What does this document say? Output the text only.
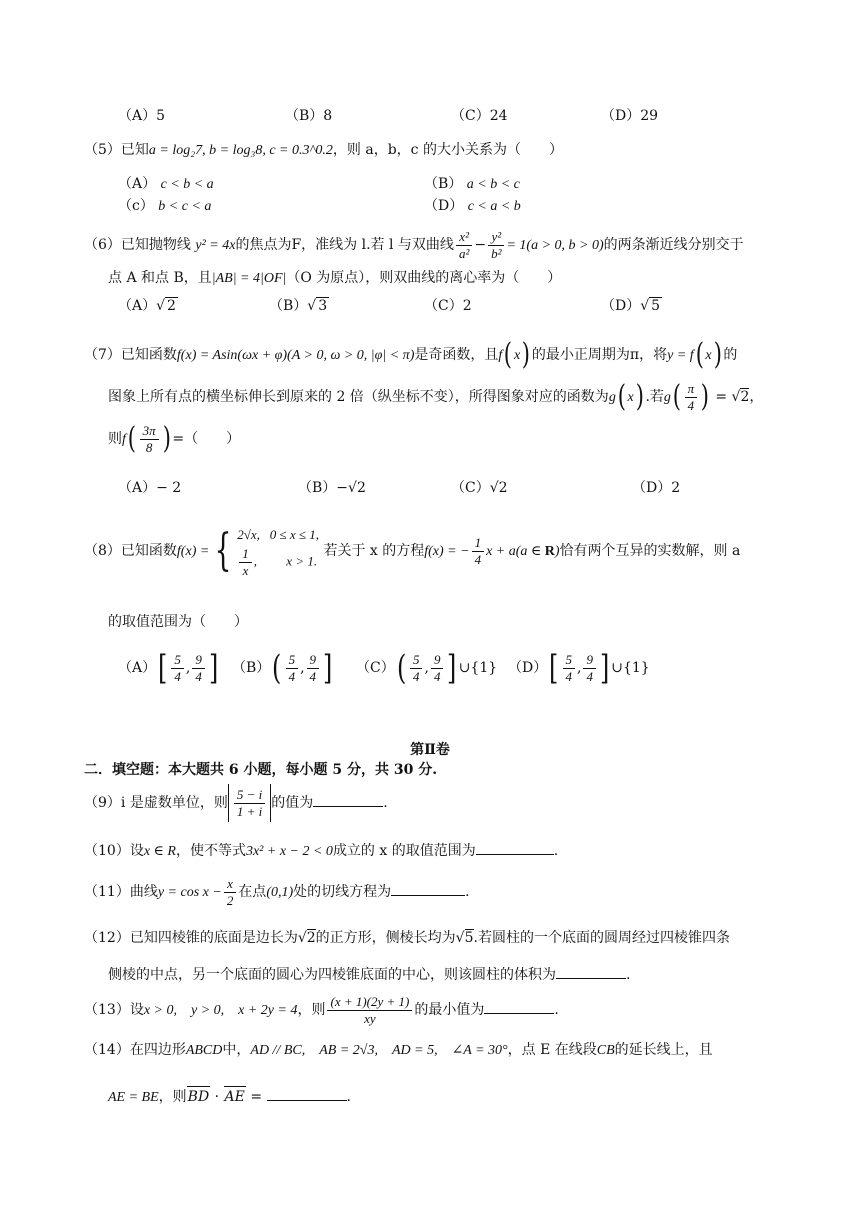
（A）5	（B）8	（C）24	（D）29
（5）已知a = log₂7, b = log₃8, c = 0.3^0.2，则 a，b，c 的大小关系为（　　）
（A） c < b < a	（B） a < b < c
（c） b < c < a	（D） c < a < b
（6）已知抛物线 y² = 4x的焦点为F，准线为 l.若 l 与双曲线 $\frac{\text{x²}}{\text{a²}} - \frac{\text{y²}}{\text{b²}} = 1(a > 0$, b > 0)的两条渐近线分别交于
点 A 和点 B，且|AB| = 4|OF|（O 为原点），则双曲线的离心率为（　　）
（A）√ 2	（B）√ 3	（C）2	（D）√ 5
（7）已知函数f(x) = Asin(ωx + φ)(A > 0, ω > 0, |φ| < π)是奇函数，且f( x) 的最小正周期为π，将y = f( x) 的
图象上所有点的横坐标伸长到原来的 2 倍（纵坐标不变），所得图象对应的函数为g( x) .若$g( \frac{\pi}{4}$ ) = √2，
则$f( \frac{3\pi}{8}$ ) =（　　）
（A）− 2	（B）−√2	（C）√2	（D）2
（8）已知函数f(x) = { 2√x, 0 ≤ x ≤ 1,
$\frac{1}{x}$ ,         x > 1.
若关于 x 的方程f(x) = − $\frac{1}{4}$ x + a(a ∈ R)恰有两个互异的实数解，则 a
的取值范围为（　　）
$(A)[ \frac{5}{4}$ , $\frac{9}{4}$ ] $(B)( \frac{5}{4}$ , $\frac{9}{4}$ ] $(C)( \frac{5}{4}$ , $\frac{9}{4}$ ] ∪{1} $(D)[ \frac{5}{4}$ , $\frac{9}{4}$ ] ∪{1}
第Ⅱ卷
二．填空题：本大题共 6 小题，每小题 5 分，共 30 分.
（9）i 是虚数单位，则 $\frac{5 - i}{1 + i}$ 的值为	.
（10）设x ∈ R，使不等式3x² + x − 2 < 0成立的 x 的取值范围为	.
（11）曲线$y = \cos x - \frac{x}{2}$ 在点(0,1)处的切线方程为	.
（12）已知四棱锥的底面是边长为√2的正方形，侧棱长均为√5.若圆柱的一个底面的圆周经过四棱锥四条
侧棱的中点，另一个底面的圆心为四棱锥底面的中心，则该圆柱的体积为	.
（13）设x > 0,　y > 0,　x + 2y = 4，则 $\frac{(x + 1)(2y + 1)}{xy}$ 的最小值为	.
（14）在四边形ABCD中，AD // BC,　AB = 2√3,　AD = 5,　∠A = 30°，点 E 在线段CB的延长线上，且
AE = BE，则BD · AE =	.
